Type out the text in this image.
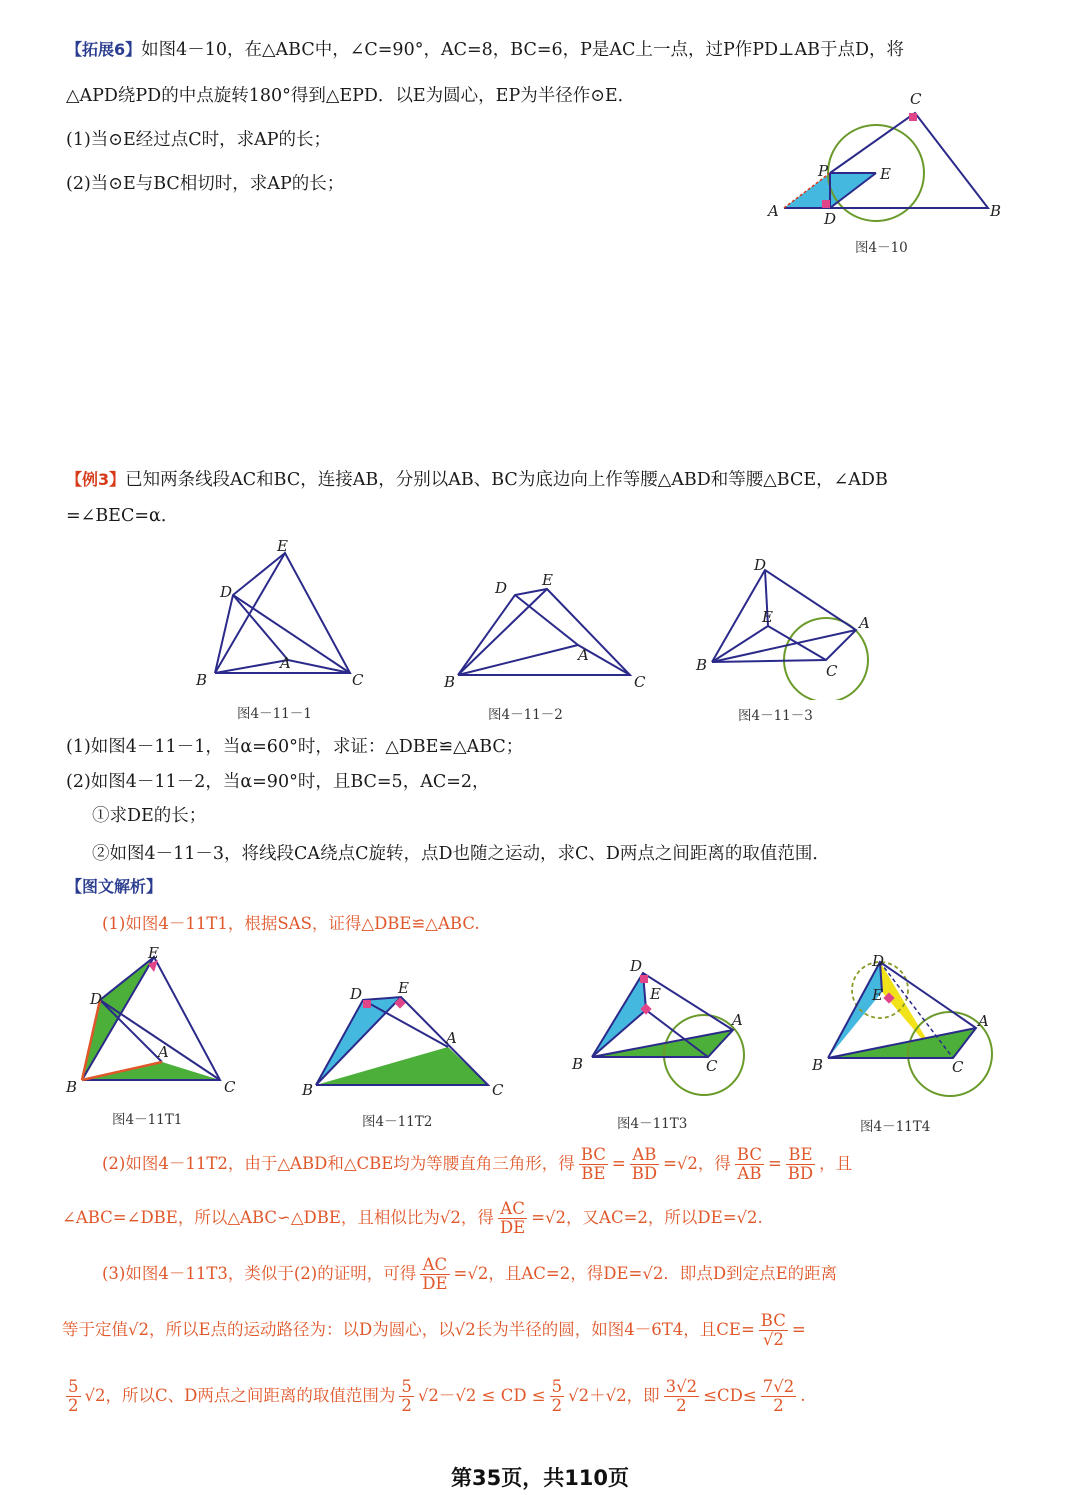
【拓展6】如图4－10，在△ABC中，∠C=90°，AC=8，BC=6，P是AC上一点，过P作PD⊥AB于点D，将
△APD绕PD的中点旋转180°得到△EPD．以E为圆心，EP为半径作⊙E．
(1)当⊙E经过点C时，求AP的长；
(2)当⊙E与BC相切时，求AP的长；
C
P	E
A	D	B
图4－10
【例3】已知两条线段AC和BC，连接AB，分别以AB、BC为底边向上作等腰△ABD和等腰△BCE，∠ADB
=∠BEC=α．
E
D
A
B	C
图4－11－1
D E
A
B	C
图4－11－2
D
E	A
B	C
图4－11－3
(1)如图4－11－1，当α=60°时，求证：△DBE≌△ABC；
(2)如图4－11－2，当α=90°时，且BC=5，AC=2，
①求DE的长；
②如图4－11－3，将线段CA绕点C旋转，点D也随之运动，求C、D两点之间距离的取值范围．
【图文解析】
(1)如图4－11T1，根据SAS，证得△DBE≌△ABC.
E
D
A
B	C
图4－11T1
D E
A
B	C
图4－11T2
D
E
A
B	C
图4－11T3
D
E
A
B	C
图4－11T4
(2)如图4－11T2，由于△ABD和△CBE均为等腰直角三角形，得 $\frac{BC}{BE} = \frac{AB}{BD} =√2$，得 $\frac{BC}{AB} = \frac{BE}{BD}$ ，且
∠ABC=∠DBE，所以△ABC∽△DBE，且相似比为√2，得 $\frac{AC}{DE} =√2$，又AC=2，所以DE=√2.
(3)如图4－11T3，类似于(2)的证明，可得 $\frac{AC}{DE} =√2$，且AC=2，得DE=√2．即点D到定点E的距离
等于定值√2，所以E点的运动路径为：以D为圆心，以√2长为半径的圆，如图4－6T4，且$CE= \frac{BC}{√2}$ =
$\frac{5}{2} √2$，所以C、D两点之间距离的取值范围为 $\frac{5}{2} √2-√2$ ≤ CD ≤ $\frac{5}{2} √2+√2$，即 $\frac{3√2}{2} \le CD\le \frac{7√2}{2}$ .
第35页，共110页
